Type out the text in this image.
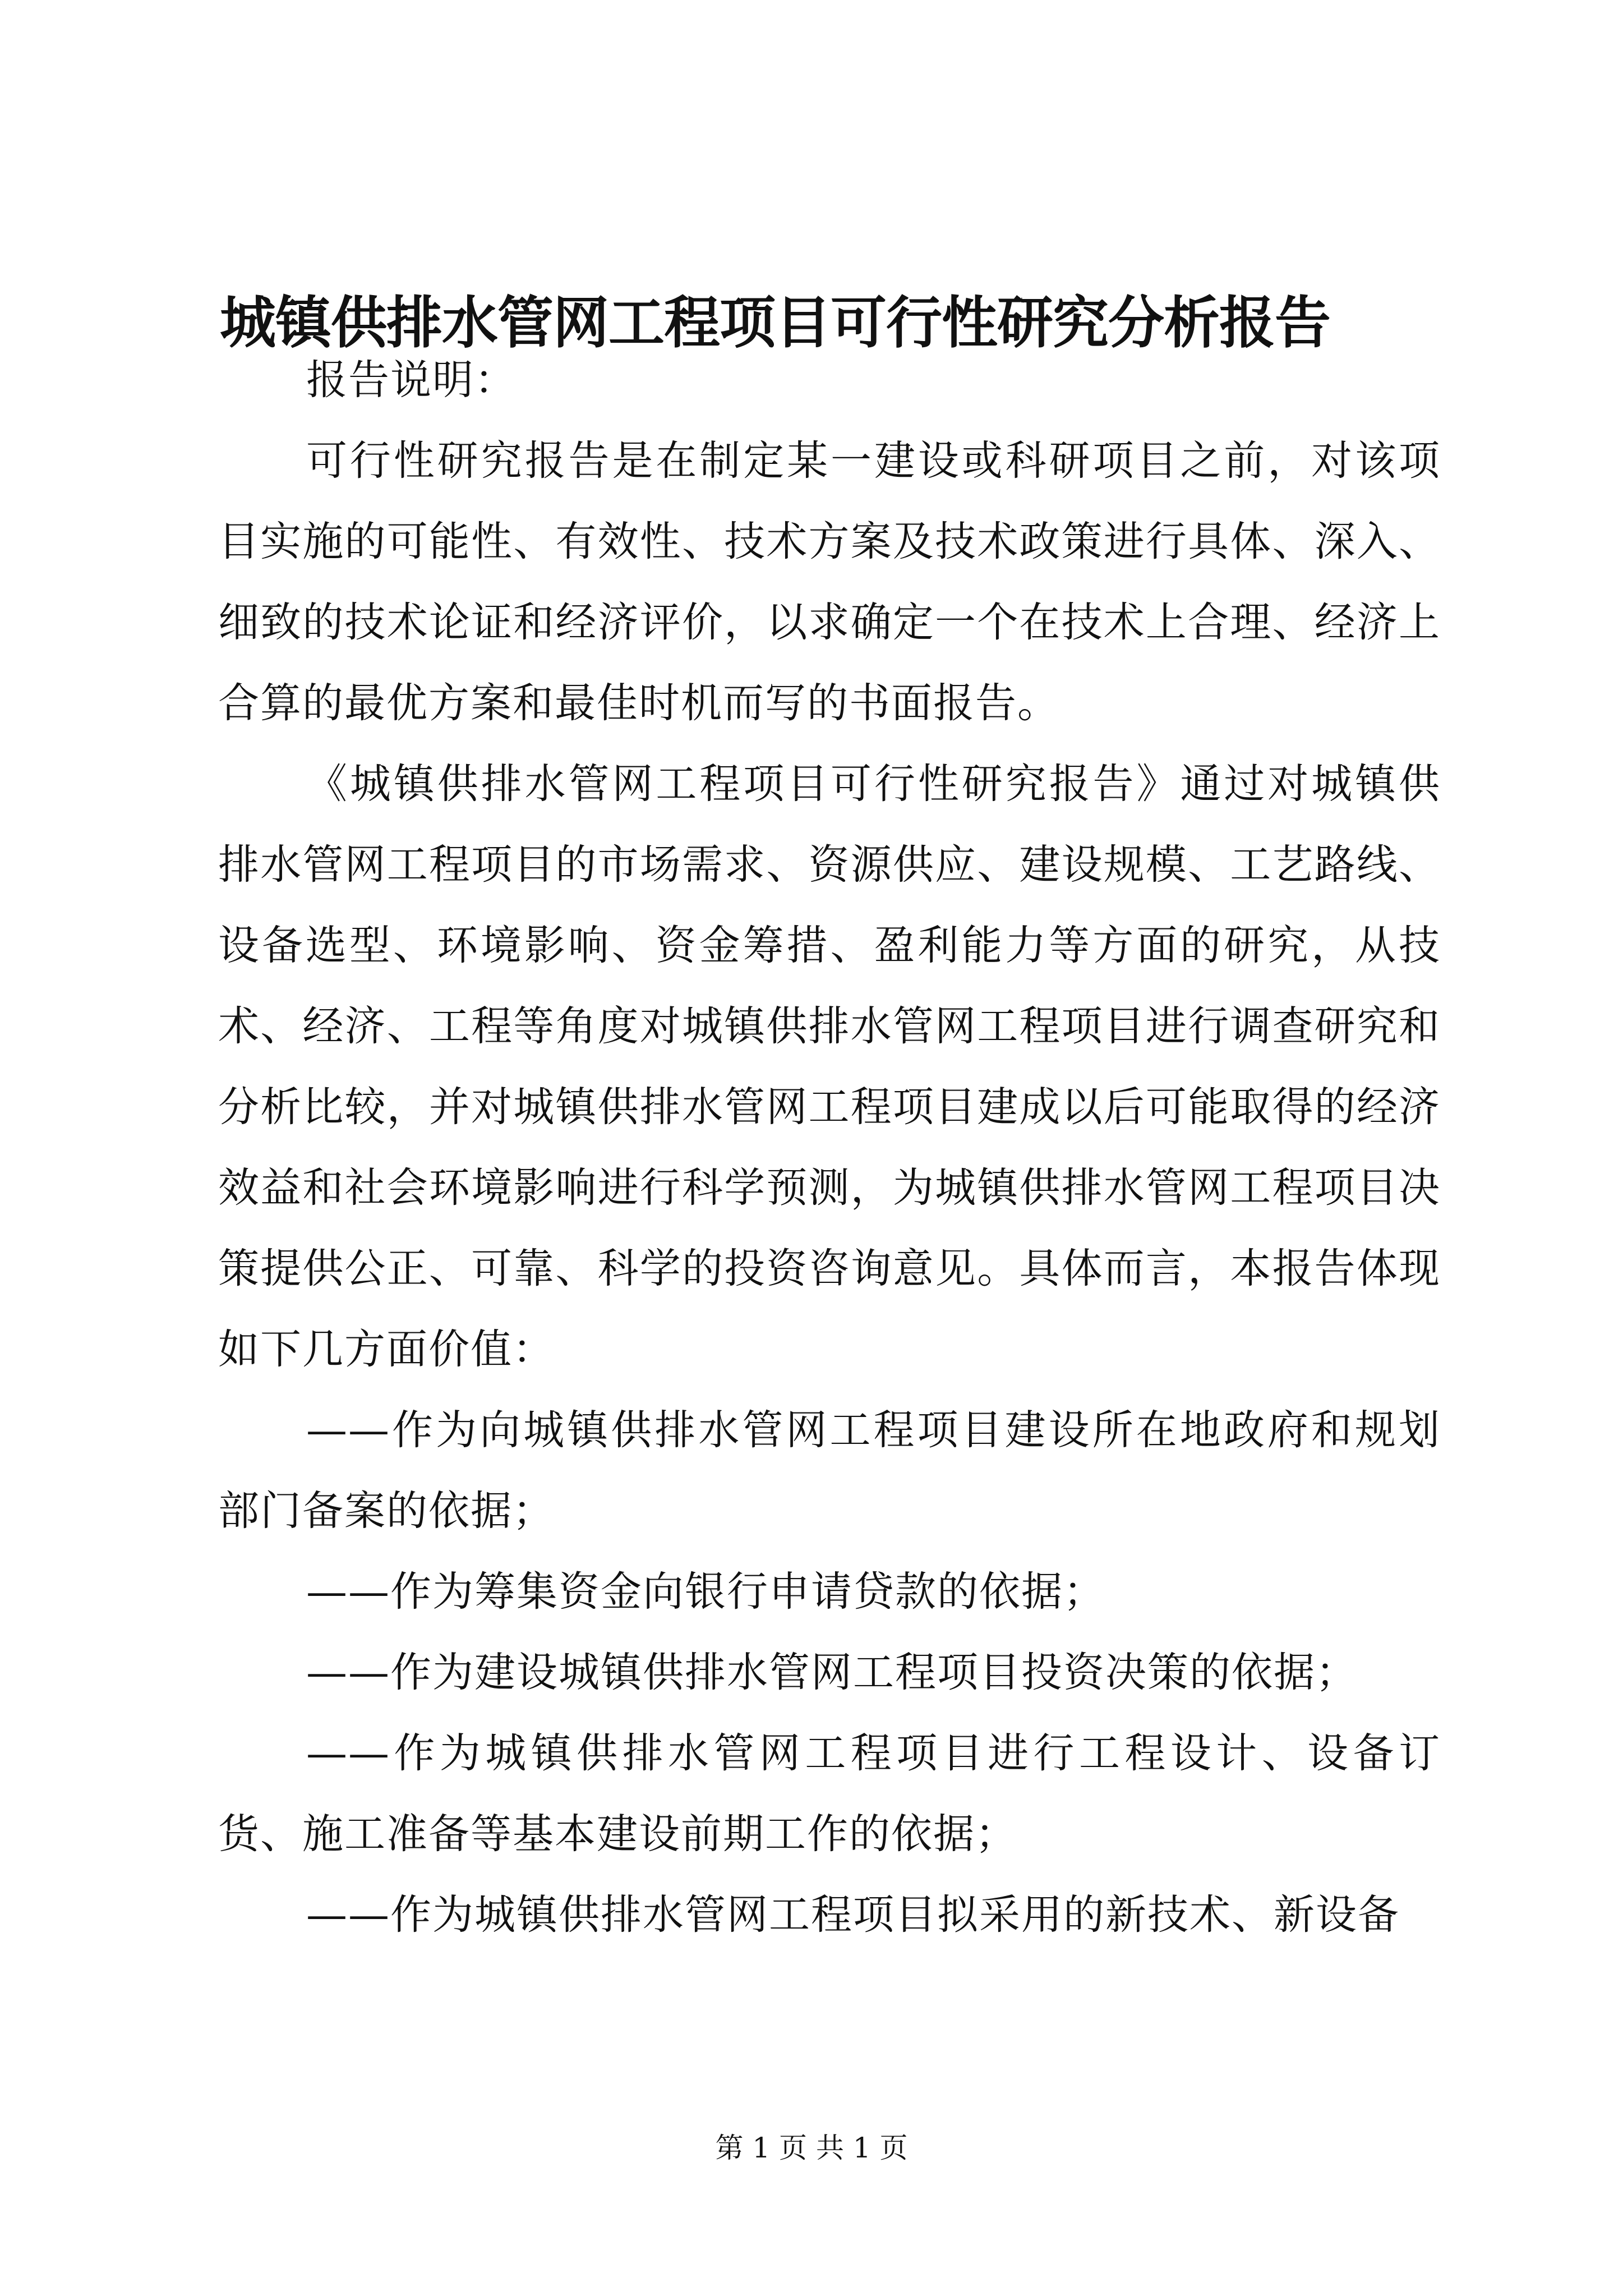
城镇供排水管网工程项目可行性研究分析报告

报告说明：

可行性研究报告是在制定某一建设或科研项目之前，对该项目实施的可能性、有效性、技术方案及技术政策进行具体、深入、细致的技术论证和经济评价，以求确定一个在技术上合理、经济上合算的最优方案和最佳时机而写的书面报告。

《城镇供排水管网工程项目可行性研究报告》通过对城镇供排水管网工程项目的市场需求、资源供应、建设规模、工艺路线、设备选型、环境影响、资金筹措、盈利能力等方面的研究，从技术、经济、工程等角度对城镇供排水管网工程项目进行调查研究和分析比较，并对城镇供排水管网工程项目建成以后可能取得的经济效益和社会环境影响进行科学预测，为城镇供排水管网工程项目决策提供公正、可靠、科学的投资咨询意见。具体而言，本报告体现如下几方面价值：

——作为向城镇供排水管网工程项目建设所在地政府和规划部门备案的依据；

——作为筹集资金向银行申请贷款的依据；

——作为建设城镇供排水管网工程项目投资决策的依据；

——作为城镇供排水管网工程项目进行工程设计、设备订货、施工准备等基本建设前期工作的依据；

——作为城镇供排水管网工程项目拟采用的新技术、新设备

第 1 页 共 1 页
